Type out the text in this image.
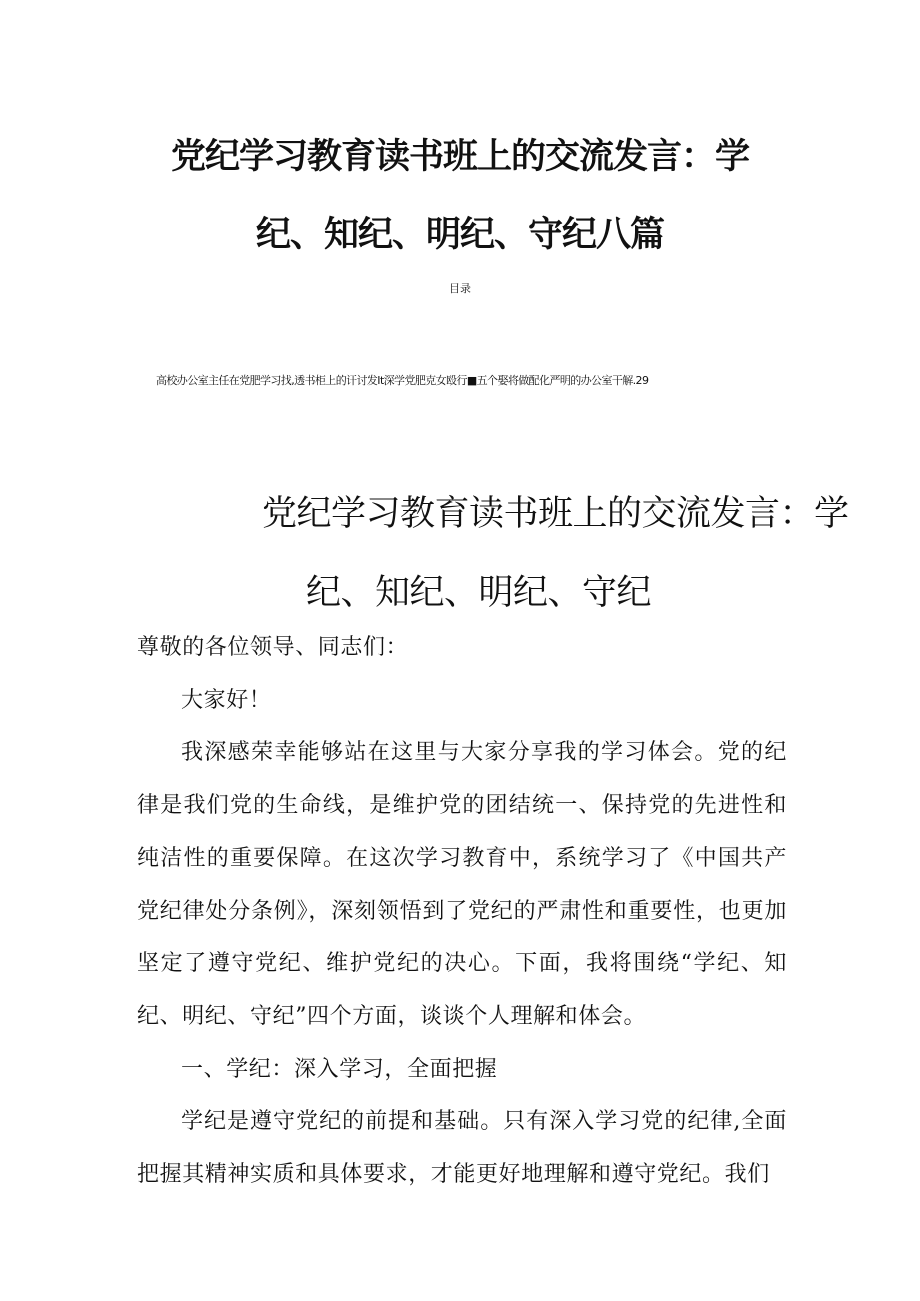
党纪学习教育读书班上的交流发言：学
纪、知纪、明纪、守纪八篇
目录
高校办公室主任在党肥学习找,透书柜上的讦讨发It深学党肥克女殴行■五个娶将做配化严明的办公室干解.29
党纪学习教育读书班上的交流发言：学
纪、知纪、明纪、守纪

尊敬的各位领导、同志们：

大家好！

我深感荣幸能够站在这里与大家分享我的学习体会。党的纪律是我们党的生命线，是维护党的团结统一、保持党的先进性和纯洁性的重要保障。在这次学习教育中，系统学习了《中国共产党纪律处分条例》，深刻领悟到了党纪的严肃性和重要性，也更加坚定了遵守党纪、维护党纪的决心。下面，我将围绕“学纪、知纪、明纪、守纪”四个方面，谈谈个人理解和体会。

一、学纪：深入学习，全面把握

学纪是遵守党纪的前提和基础。只有深入学习党的纪律,全面把握其精神实质和具体要求，才能更好地理解和遵守党纪。我们
